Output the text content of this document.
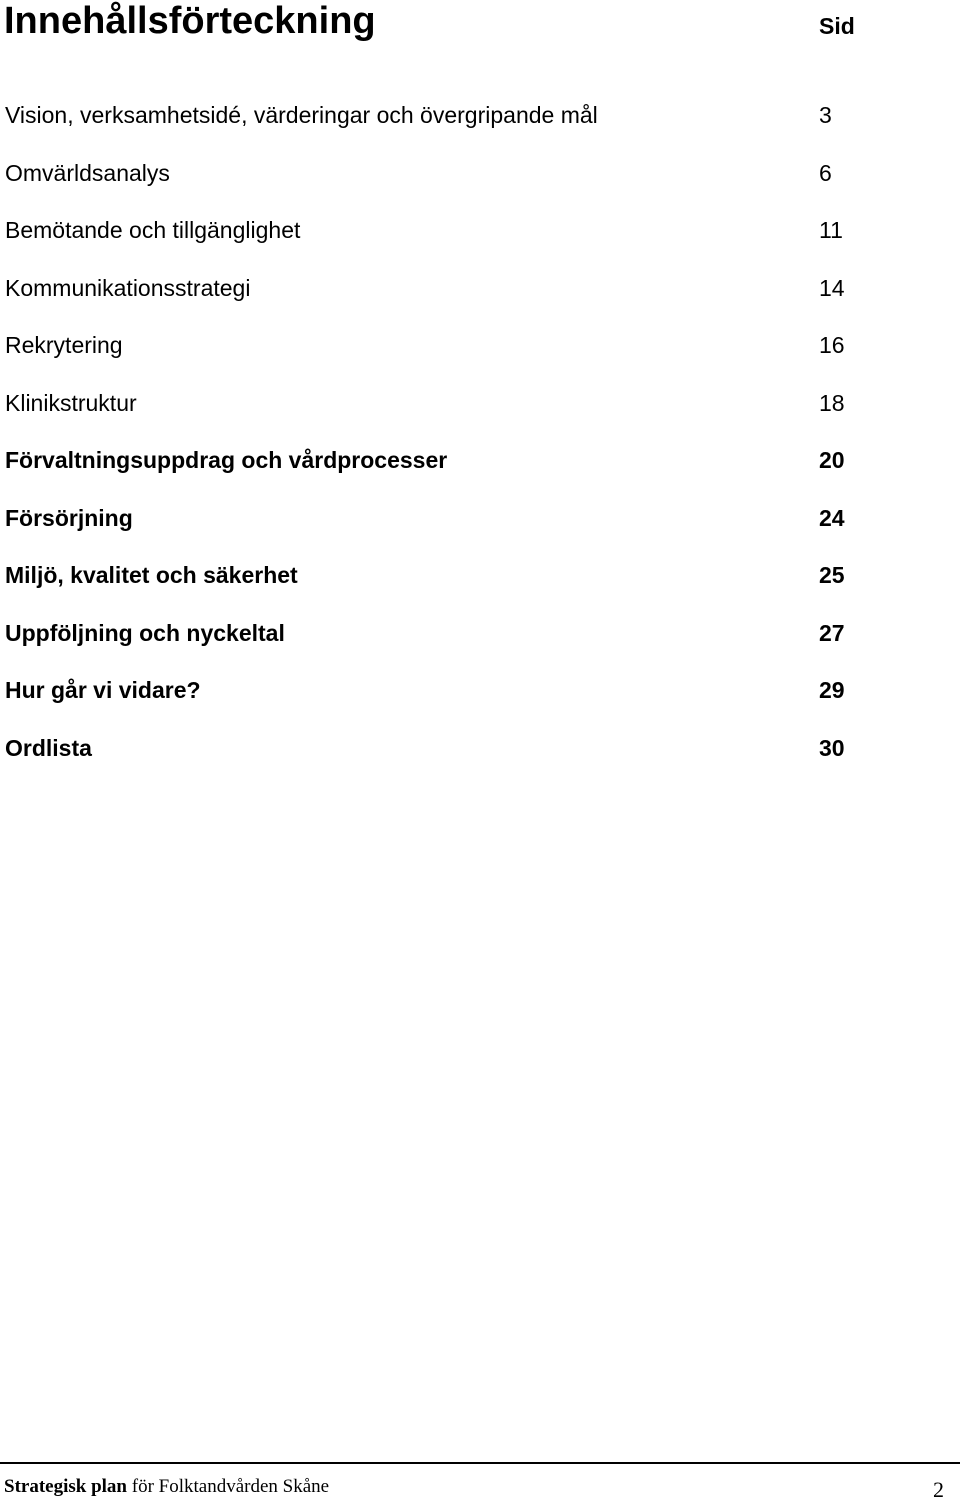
Innehållsförteckning	Sid
Vision, verksamhetsidé, värderingar och övergripande mål	3
Omvärldsanalys	6
Bemötande och tillgänglighet	11
Kommunikationsstrategi	14
Rekrytering	16
Klinikstruktur	18
Förvaltningsuppdrag och vårdprocesser	20
Försörjning	24
Miljö, kvalitet och säkerhet	25
Uppföljning och nyckeltal	27
Hur går vi vidare?	29
Ordlista	30
Strategisk plan för Folktandvården Skåne	2
